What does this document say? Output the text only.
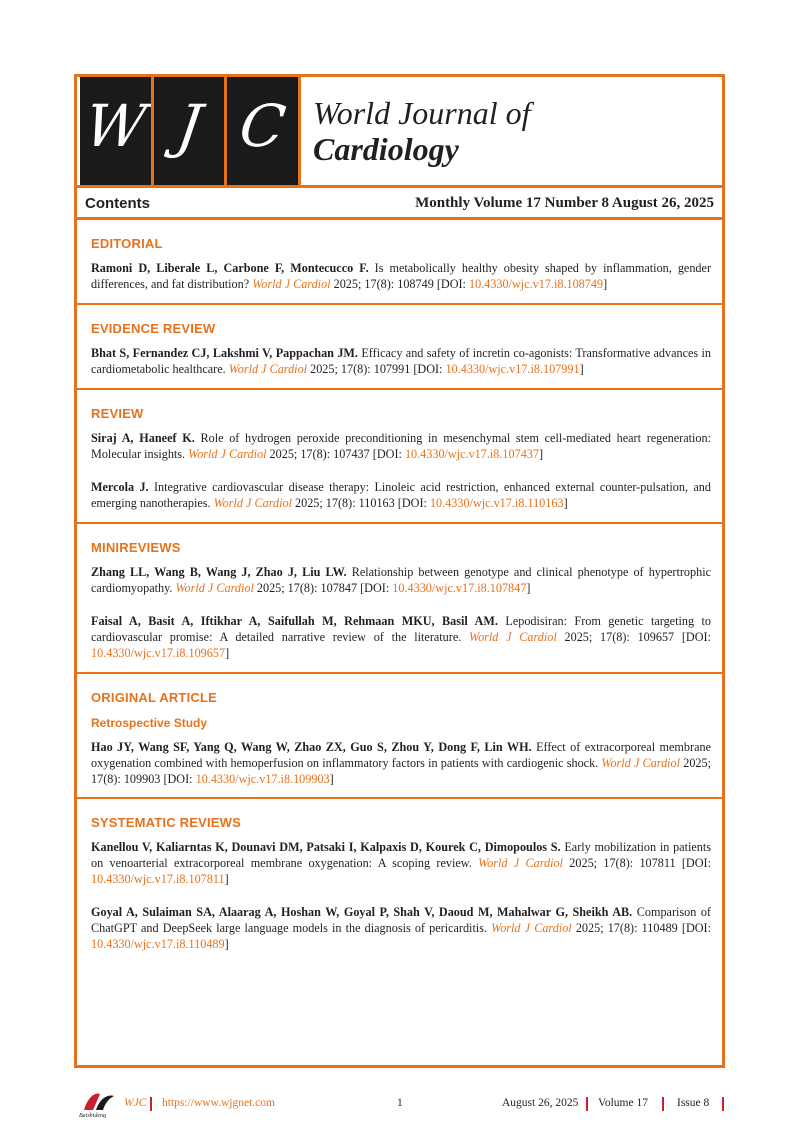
W J C World Journal of
Cardiology
Contents	Monthly Volume 17 Number 8 August 26, 2025
EDITORIAL
Ramoni D, Liberale L, Carbone F, Montecucco F. Is metabolically healthy obesity shaped by inflammation, gender differences, and fat distribution? World J Cardiol 2025; 17(8): 108749 [DOI: 10.4330/wjc.v17.i8.108749]
EVIDENCE REVIEW
Bhat S, Fernandez CJ, Lakshmi V, Pappachan JM. Efficacy and safety of incretin co-agonists: Transformative advances in cardiometabolic healthcare. World J Cardiol 2025; 17(8): 107991 [DOI: 10.4330/wjc.v17.i8.107991]
REVIEW
Siraj A, Haneef K. Role of hydrogen peroxide preconditioning in mesenchymal stem cell-mediated heart regeneration: Molecular insights. World J Cardiol 2025; 17(8): 107437 [DOI: 10.4330/wjc.v17.i8.107437]
Mercola J. Integrative cardiovascular disease therapy: Linoleic acid restriction, enhanced external counter-pulsation, and emerging nanotherapies. World J Cardiol 2025; 17(8): 110163 [DOI: 10.4330/wjc.v17.i8.110163]
MINIREVIEWS
Zhang LL, Wang B, Wang J, Zhao J, Liu LW. Relationship between genotype and clinical phenotype of hypertrophic cardiomyopathy. World J Cardiol 2025; 17(8): 107847 [DOI: 10.4330/wjc.v17.i8.107847]
Faisal A, Basit A, Iftikhar A, Saifullah M, Rehmaan MKU, Basil AM. Lepodisiran: From genetic targeting to cardiovascular promise: A detailed narrative review of the literature. World J Cardiol 2025; 17(8): 109657 [DOI: 10.4330/wjc.v17.i8.109657]
ORIGINAL ARTICLE
Retrospective Study
Hao JY, Wang SF, Yang Q, Wang W, Zhao ZX, Guo S, Zhou Y, Dong F, Lin WH. Effect of extracorporeal membrane oxygenation combined with hemoperfusion on inflammatory factors in patients with cardiogenic shock. World J Cardiol 2025; 17(8): 109903 [DOI: 10.4330/wjc.v17.i8.109903]
SYSTEMATIC REVIEWS
Kanellou V, Kaliarntas K, Dounavi DM, Patsaki I, Kalpaxis D, Kourek C, Dimopoulos S. Early mobilization in patients on venoarterial extracorporeal membrane oxygenation: A scoping review. World J Cardiol 2025; 17(8): 107811 [DOI: 10.4330/wjc.v17.i8.107811]
Goyal A, Sulaiman SA, Alaarag A, Hoshan W, Goyal P, Shah V, Daoud M, Mahalwar G, Sheikh AB. Comparison of ChatGPT and DeepSeek large language models in the diagnosis of pericarditis. World J Cardiol 2025; 17(8): 110489 [DOI: 10.4330/wjc.v17.i8.110489]
Baishideng
WJC https://www.wjgnet.com	1	August 26, 2025 Volume 17	Issue 8
